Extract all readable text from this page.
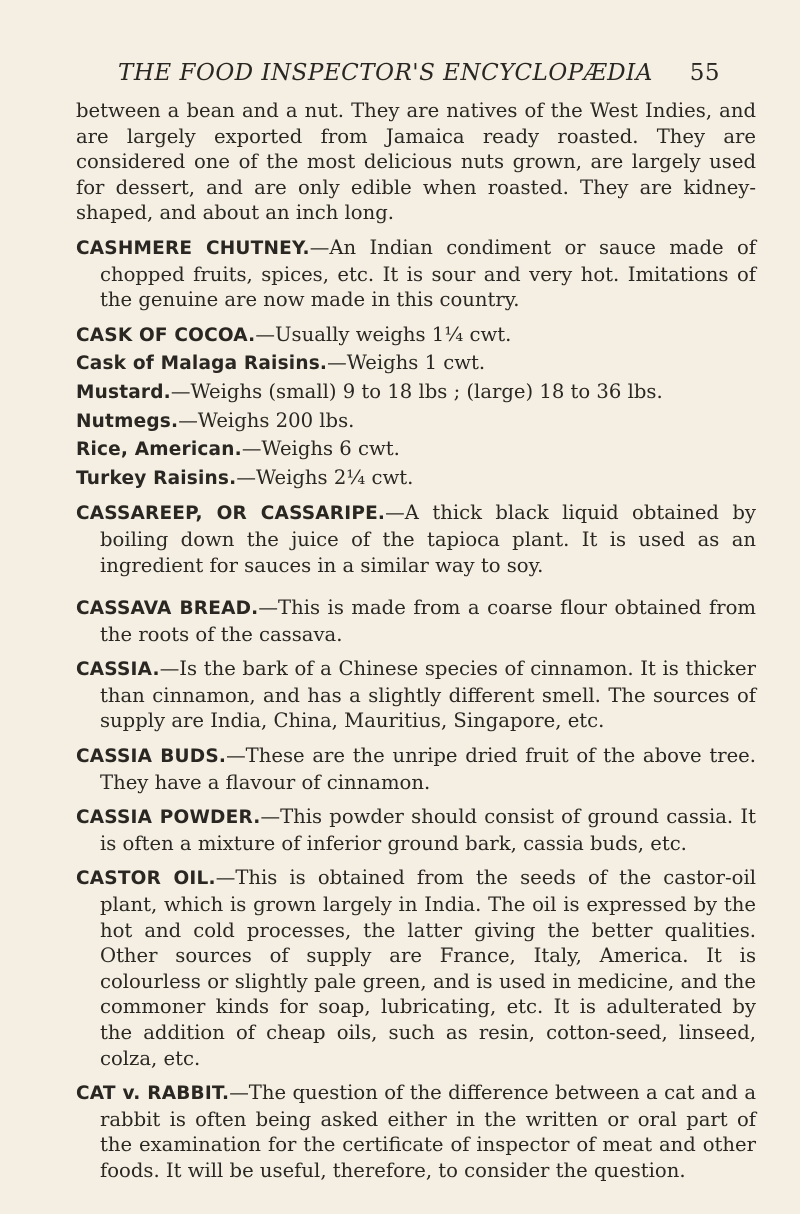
THE FOOD INSPECTOR'S ENCYCLOPÆDIA 55

between a bean and a nut. They are natives of the West Indies, and are largely exported from Jamaica ready roasted. They are considered one of the most delicious nuts grown, are largely used for dessert, and are only edible when roasted. They are kidney-shaped, and about an inch long.

CASHMERE CHUTNEY.—An Indian condiment or sauce made of chopped fruits, spices, etc. It is sour and very hot. Imitations of the genuine are now made in this country.

CASK OF COCOA.—Usually weighs 1¼ cwt.

Cask of Malaga Raisins.—Weighs 1 cwt.

Mustard.—Weighs (small) 9 to 18 lbs ; (large) 18 to 36 lbs.

Nutmegs.—Weighs 200 lbs.

Rice, American.—Weighs 6 cwt.

Turkey Raisins.—Weighs 2¼ cwt.

CASSAREEP, OR CASSARIPE.—A thick black liquid obtained by boiling down the juice of the tapioca plant. It is used as an ingredient for sauces in a similar way to soy.

CASSAVA BREAD.—This is made from a coarse flour obtained from the roots of the cassava.

CASSIA.—Is the bark of a Chinese species of cinnamon. It is thicker than cinnamon, and has a slightly different smell. The sources of supply are India, China, Mauritius, Singapore, etc.

CASSIA BUDS.—These are the unripe dried fruit of the above tree. They have a flavour of cinnamon.

CASSIA POWDER.—This powder should consist of ground cassia. It is often a mixture of inferior ground bark, cassia buds, etc.

CASTOR OIL.—This is obtained from the seeds of the castor-oil plant, which is grown largely in India. The oil is expressed by the hot and cold processes, the latter giving the better qualities. Other sources of supply are France, Italy, America. It is colourless or slightly pale green, and is used in medicine, and the commoner kinds for soap, lubricating, etc. It is adulterated by the addition of cheap oils, such as resin, cotton-seed, linseed, colza, etc.

CAT v. RABBIT.—The question of the difference between a cat and a rabbit is often being asked either in the written or oral part of the examination for the certificate of inspector of meat and other foods. It will be useful, therefore, to consider the question.
